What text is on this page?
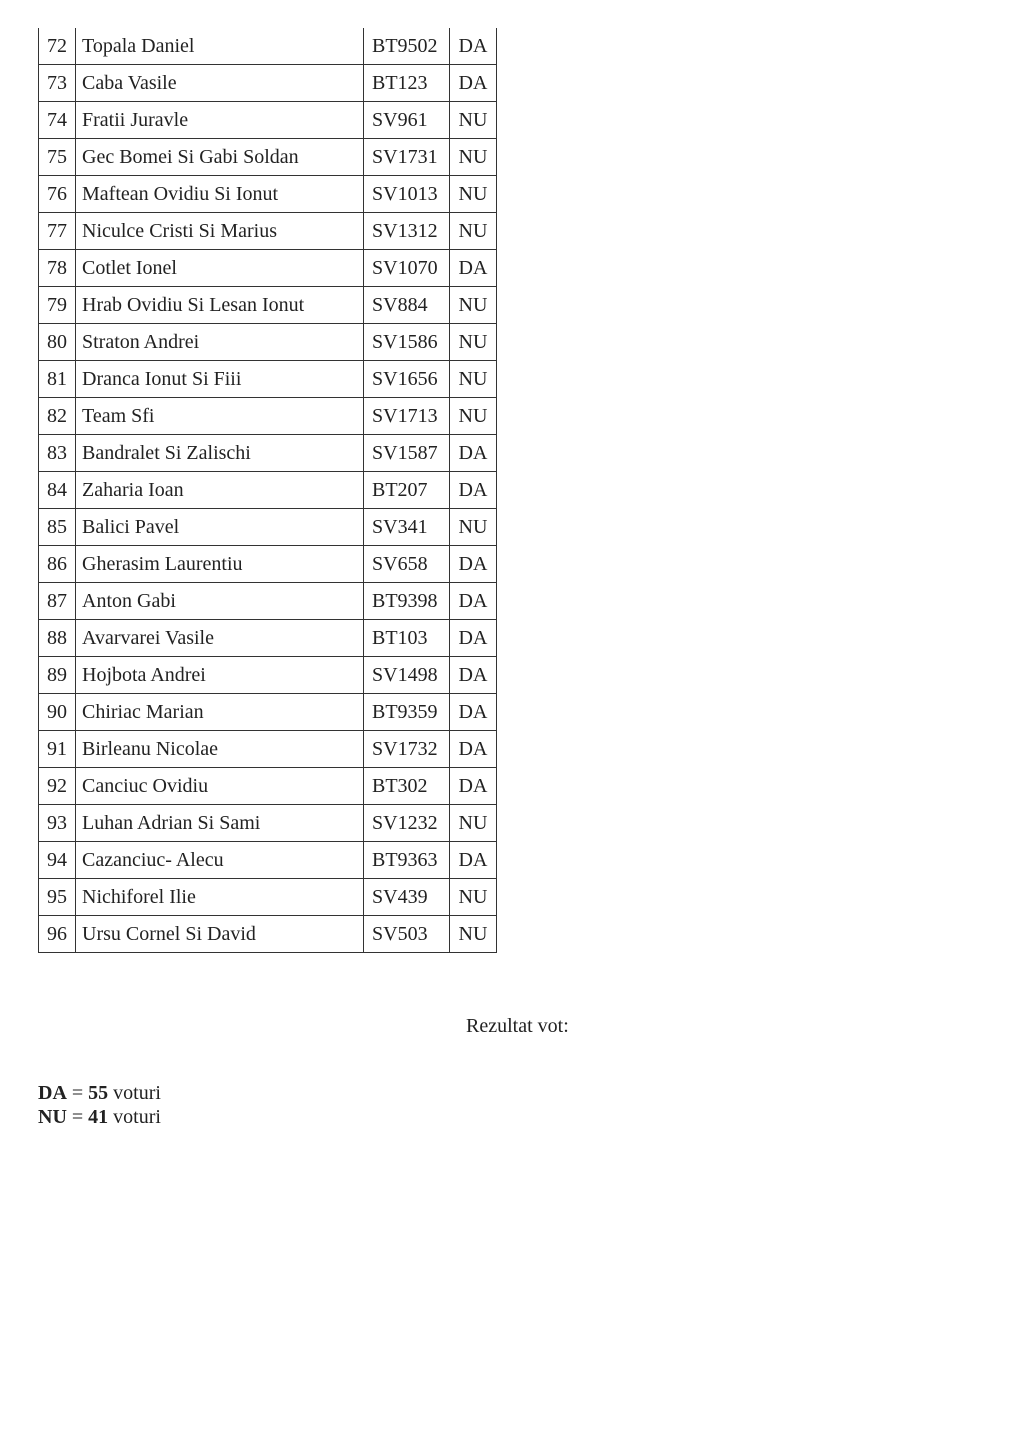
72	Topala Daniel	BT9502	DA
73	Caba Vasile	BT123	DA
74	Fratii Juravle	SV961	NU
75	Gec Bomei Si Gabi Soldan	SV1731	NU
76	Maftean Ovidiu Si Ionut	SV1013	NU
77	Niculce Cristi Si Marius	SV1312	NU
78	Cotlet Ionel	SV1070	DA
79	Hrab Ovidiu Si Lesan Ionut	SV884	NU
80	Straton Andrei	SV1586	NU
81	Dranca Ionut Si Fiii	SV1656	NU
82	Team Sfi	SV1713	NU
83	Bandralet Si Zalischi	SV1587	DA
84	Zaharia Ioan	BT207	DA
85	Balici Pavel	SV341	NU
86	Gherasim Laurentiu	SV658	DA
87	Anton Gabi	BT9398	DA
88	Avarvarei Vasile	BT103	DA
89	Hojbota Andrei	SV1498	DA
90	Chiriac Marian	BT9359	DA
91	Birleanu Nicolae	SV1732	DA
92	Canciuc Ovidiu	BT302	DA
93	Luhan Adrian Si Sami	SV1232	NU
94	Cazanciuc- Alecu	BT9363	DA
95	Nichiforel Ilie	SV439	NU
96	Ursu Cornel Si David	SV503	NU
Rezultat vot:
DA = 55 voturi
NU = 41 voturi
